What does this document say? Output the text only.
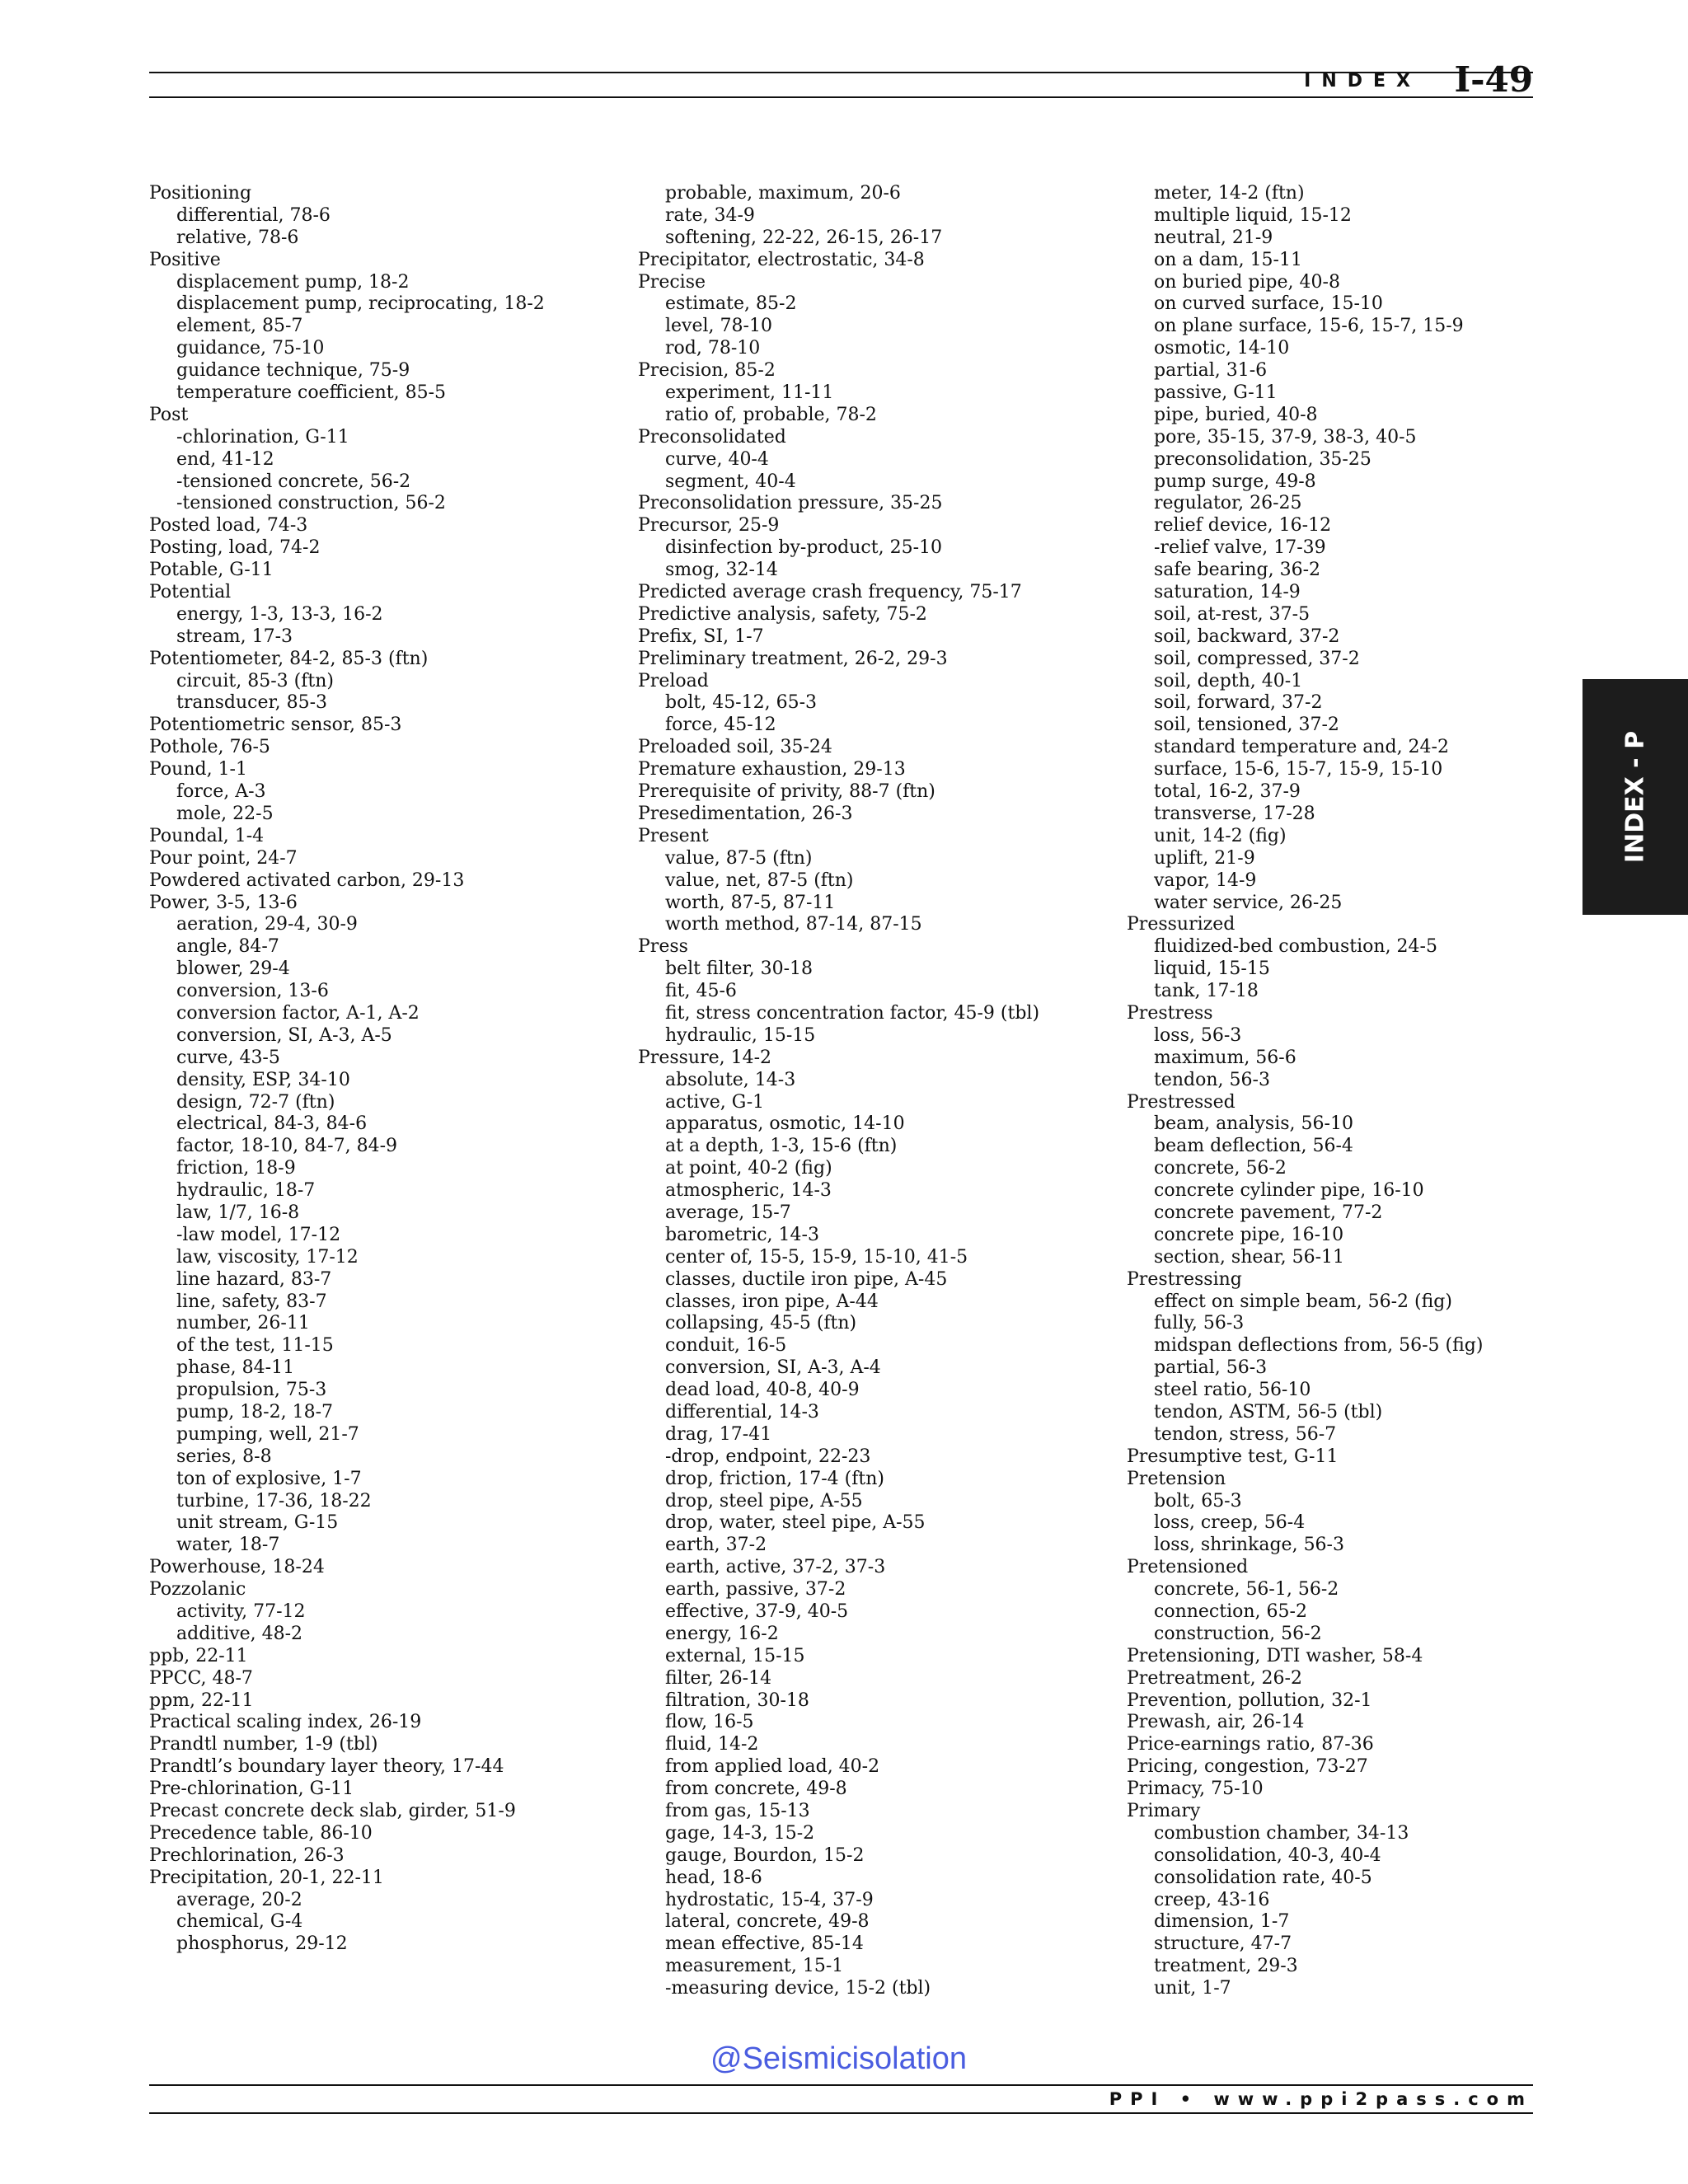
INDEX I-49
Positioning
differential, 78-6
relative, 78-6
Positive
displacement pump, 18-2
displacement pump, reciprocating, 18-2
element, 85-7
guidance, 75-10
guidance technique, 75-9
temperature coefficient, 85-5
Post
-chlorination, G-11
end, 41-12
-tensioned concrete, 56-2
-tensioned construction, 56-2
Posted load, 74-3
Posting, load, 74-2
Potable, G-11
Potential
energy, 1-3, 13-3, 16-2
stream, 17-3
Potentiometer, 84-2, 85-3 (ftn)
circuit, 85-3 (ftn)
transducer, 85-3
Potentiometric sensor, 85-3
Pothole, 76-5
Pound, 1-1
force, A-3
mole, 22-5
Poundal, 1-4
Pour point, 24-7
Powdered activated carbon, 29-13
Power, 3-5, 13-6
aeration, 29-4, 30-9
angle, 84-7
blower, 29-4
conversion, 13-6
conversion factor, A-1, A-2
conversion, SI, A-3, A-5
curve, 43-5
density, ESP, 34-10
design, 72-7 (ftn)
electrical, 84-3, 84-6
factor, 18-10, 84-7, 84-9
friction, 18-9
hydraulic, 18-7
law, 1/7, 16-8
-law model, 17-12
law, viscosity, 17-12
line hazard, 83-7
line, safety, 83-7
number, 26-11
of the test, 11-15
phase, 84-11
propulsion, 75-3
pump, 18-2, 18-7
pumping, well, 21-7
series, 8-8
ton of explosive, 1-7
turbine, 17-36, 18-22
unit stream, G-15
water, 18-7
Powerhouse, 18-24
Pozzolanic
activity, 77-12
additive, 48-2
ppb, 22-11
PPCC, 48-7
ppm, 22-11
Practical scaling index, 26-19
Prandtl number, 1-9 (tbl)
Prandtl’s boundary layer theory, 17-44
Pre-chlorination, G-11
Precast concrete deck slab, girder, 51-9
Precedence table, 86-10
Prechlorination, 26-3
Precipitation, 20-1, 22-11
average, 20-2
chemical, G-4
phosphorus, 29-12
probable, maximum, 20-6
rate, 34-9
softening, 22-22, 26-15, 26-17
Precipitator, electrostatic, 34-8
Precise
estimate, 85-2
level, 78-10
rod, 78-10
Precision, 85-2
experiment, 11-11
ratio of, probable, 78-2
Preconsolidated
curve, 40-4
segment, 40-4
Preconsolidation pressure, 35-25
Precursor, 25-9
disinfection by-product, 25-10
smog, 32-14
Predicted average crash frequency, 75-17
Predictive analysis, safety, 75-2
Prefix, SI, 1-7
Preliminary treatment, 26-2, 29-3
Preload
bolt, 45-12, 65-3
force, 45-12
Preloaded soil, 35-24
Premature exhaustion, 29-13
Prerequisite of privity, 88-7 (ftn)
Presedimentation, 26-3
Present
value, 87-5 (ftn)
value, net, 87-5 (ftn)
worth, 87-5, 87-11
worth method, 87-14, 87-15
Press
belt filter, 30-18
fit, 45-6
fit, stress concentration factor, 45-9 (tbl)
hydraulic, 15-15
Pressure, 14-2
absolute, 14-3
active, G-1
apparatus, osmotic, 14-10
at a depth, 1-3, 15-6 (ftn)
at point, 40-2 (fig)
atmospheric, 14-3
average, 15-7
barometric, 14-3
center of, 15-5, 15-9, 15-10, 41-5
classes, ductile iron pipe, A-45
classes, iron pipe, A-44
collapsing, 45-5 (ftn)
conduit, 16-5
conversion, SI, A-3, A-4
dead load, 40-8, 40-9
differential, 14-3
drag, 17-41
-drop, endpoint, 22-23
drop, friction, 17-4 (ftn)
drop, steel pipe, A-55
drop, water, steel pipe, A-55
earth, 37-2
earth, active, 37-2, 37-3
earth, passive, 37-2
effective, 37-9, 40-5
energy, 16-2
external, 15-15
filter, 26-14
filtration, 30-18
flow, 16-5
fluid, 14-2
from applied load, 40-2
from concrete, 49-8
from gas, 15-13
gage, 14-3, 15-2
gauge, Bourdon, 15-2
head, 18-6
hydrostatic, 15-4, 37-9
lateral, concrete, 49-8
mean effective, 85-14
measurement, 15-1
-measuring device, 15-2 (tbl)
meter, 14-2 (ftn)
multiple liquid, 15-12
neutral, 21-9
on a dam, 15-11
on buried pipe, 40-8
on curved surface, 15-10
on plane surface, 15-6, 15-7, 15-9
osmotic, 14-10
partial, 31-6
passive, G-11
pipe, buried, 40-8
pore, 35-15, 37-9, 38-3, 40-5
preconsolidation, 35-25
pump surge, 49-8
regulator, 26-25
relief device, 16-12
-relief valve, 17-39
safe bearing, 36-2
saturation, 14-9
soil, at-rest, 37-5
soil, backward, 37-2
soil, compressed, 37-2
soil, depth, 40-1
soil, forward, 37-2
soil, tensioned, 37-2
standard temperature and, 24-2
surface, 15-6, 15-7, 15-9, 15-10
total, 16-2, 37-9
transverse, 17-28
unit, 14-2 (fig)
uplift, 21-9
vapor, 14-9
water service, 26-25
Pressurized
fluidized-bed combustion, 24-5
liquid, 15-15
tank, 17-18
Prestress
loss, 56-3
maximum, 56-6
tendon, 56-3
Prestressed
beam, analysis, 56-10
beam deflection, 56-4
concrete, 56-2
concrete cylinder pipe, 16-10
concrete pavement, 77-2
concrete pipe, 16-10
section, shear, 56-11
Prestressing
effect on simple beam, 56-2 (fig)
fully, 56-3
midspan deflections from, 56-5 (fig)
partial, 56-3
steel ratio, 56-10
tendon, ASTM, 56-5 (tbl)
tendon, stress, 56-7
Presumptive test, G-11
Pretension
bolt, 65-3
loss, creep, 56-4
loss, shrinkage, 56-3
Pretensioned
concrete, 56-1, 56-2
connection, 65-2
construction, 56-2
Pretensioning, DTI washer, 58-4
Pretreatment, 26-2
Prevention, pollution, 32-1
Prewash, air, 26-14
Price-earnings ratio, 87-36
Pricing, congestion, 73-27
Primacy, 75-10
Primary
combustion chamber, 34-13
consolidation, 40-3, 40-4
consolidation rate, 40-5
creep, 43-16
dimension, 1-7
structure, 47-7
treatment, 29-3
unit, 1-7
INDEX - P
@Seismicisolation
PPI • www.ppi2pass.com
